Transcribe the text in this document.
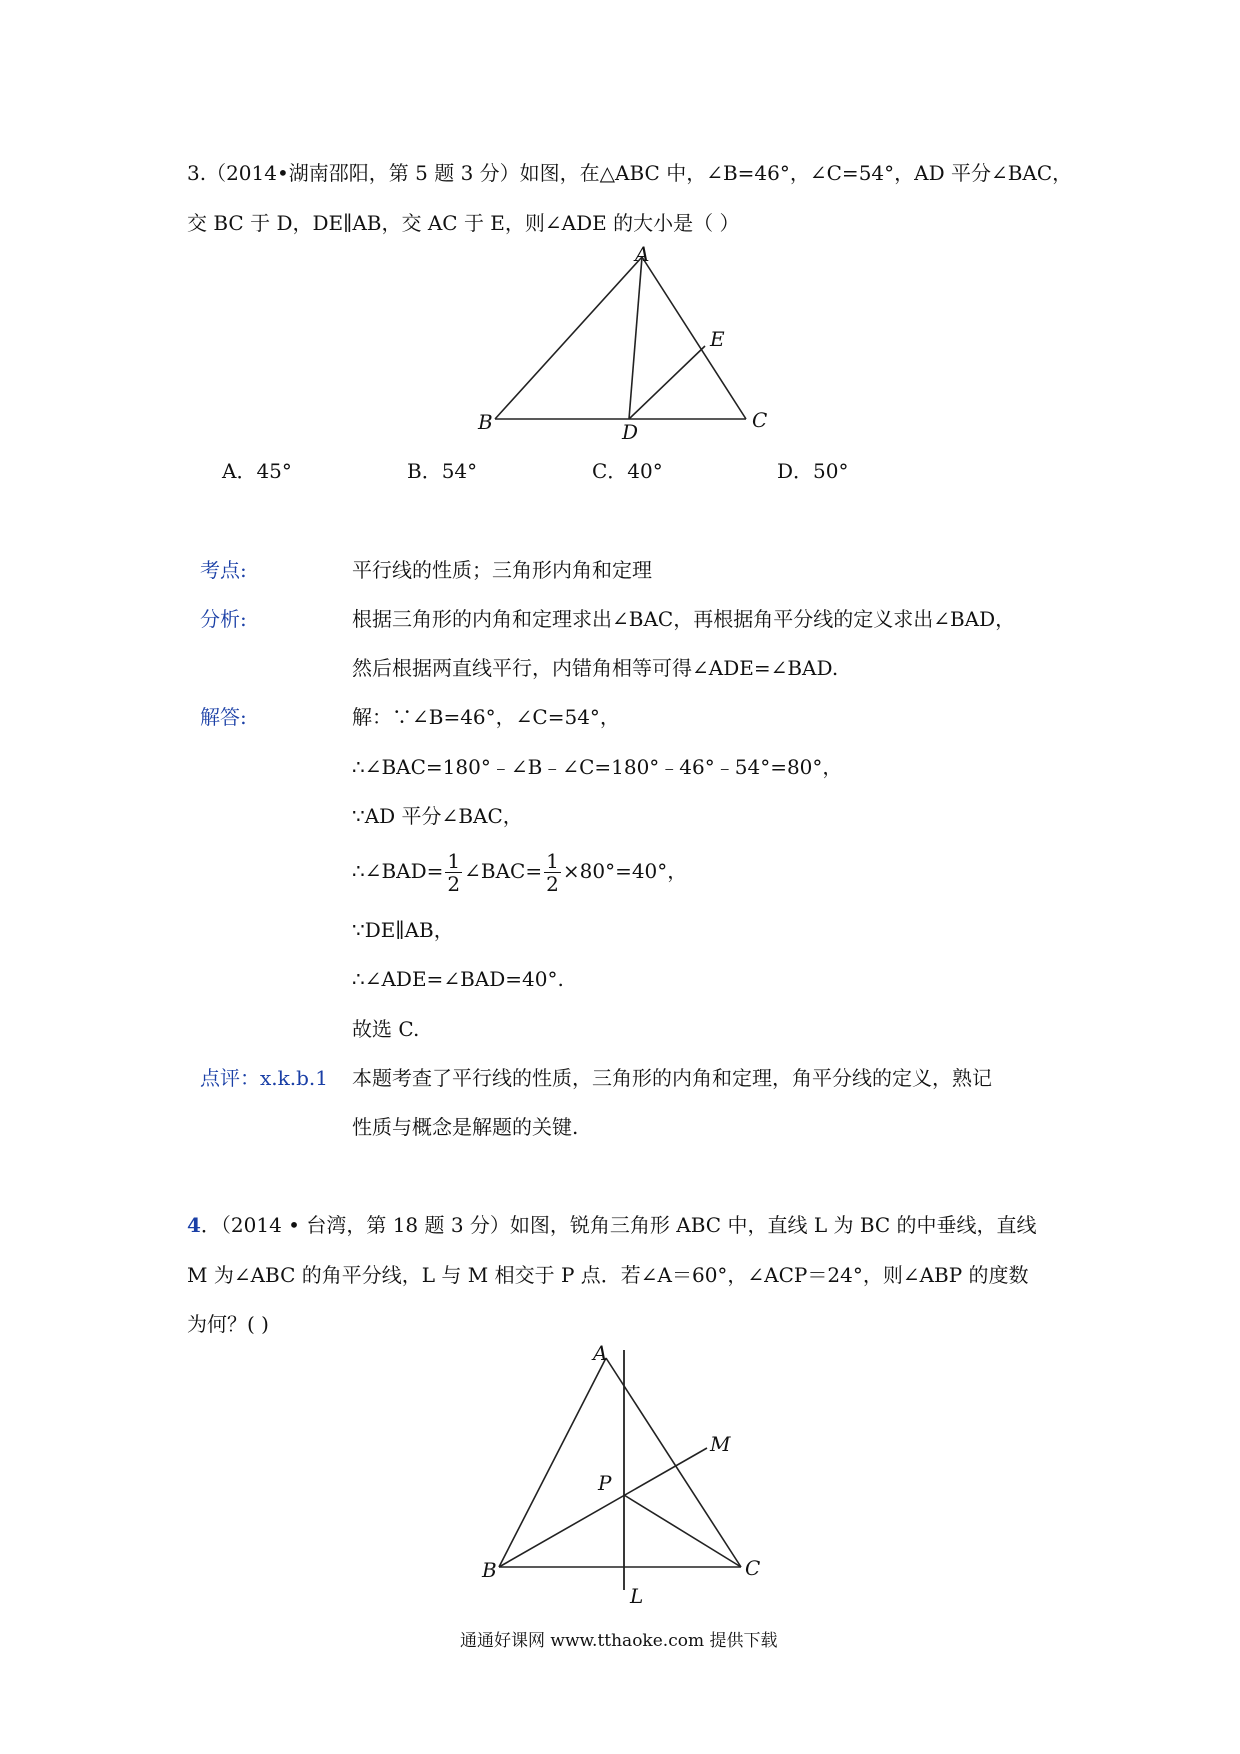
3.（2014•湖南邵阳，第 5 题 3 分）如图，在△ABC 中，∠B=46°，∠C=54°，AD 平分∠BAC，
交 BC 于 D，DE∥AB，交 AC 于 E，则∠ADE 的大小是（ ）
A
E
B	D	C
A．45°	B．54°	C．40°	D．50°
考点:	平行线的性质；三角形内角和定理
分析:	根据三角形的内角和定理求出∠BAC，再根据角平分线的定义求出∠BAD，
然后根据两直线平行，内错角相等可得∠ADE=∠BAD.
解答:	解：∵∠B=46°，∠C=54°，
∴∠BAC=180°﹣∠B﹣∠C=180°﹣46°﹣54°=80°，
∵AD 平分∠BAC，
∴∠BAD= $\frac{1}{2}$ ∠BAC= $\frac{1}{2} \times 80^\circ=40^\circ$，
∵DE∥AB，
∴∠ADE=∠BAD=40°.
故选 C.
点评：x.k.b.1 本题考查了平行线的性质，三角形的内角和定理，角平分线的定义，熟记
性质与概念是解题的关键.
4．（2014 • 台湾，第 18 题 3 分）如图，锐角三角形 ABC 中，直线 L 为 BC 的中垂线，直线
M 为∠ABC 的角平分线，L 与 M 相交于 P 点．若∠A＝60°，∠ACP＝24°，则∠ABP 的度数
为何？( )
A
M
P
B	C
L
通通好课网 www.tthaoke.com 提供下载
